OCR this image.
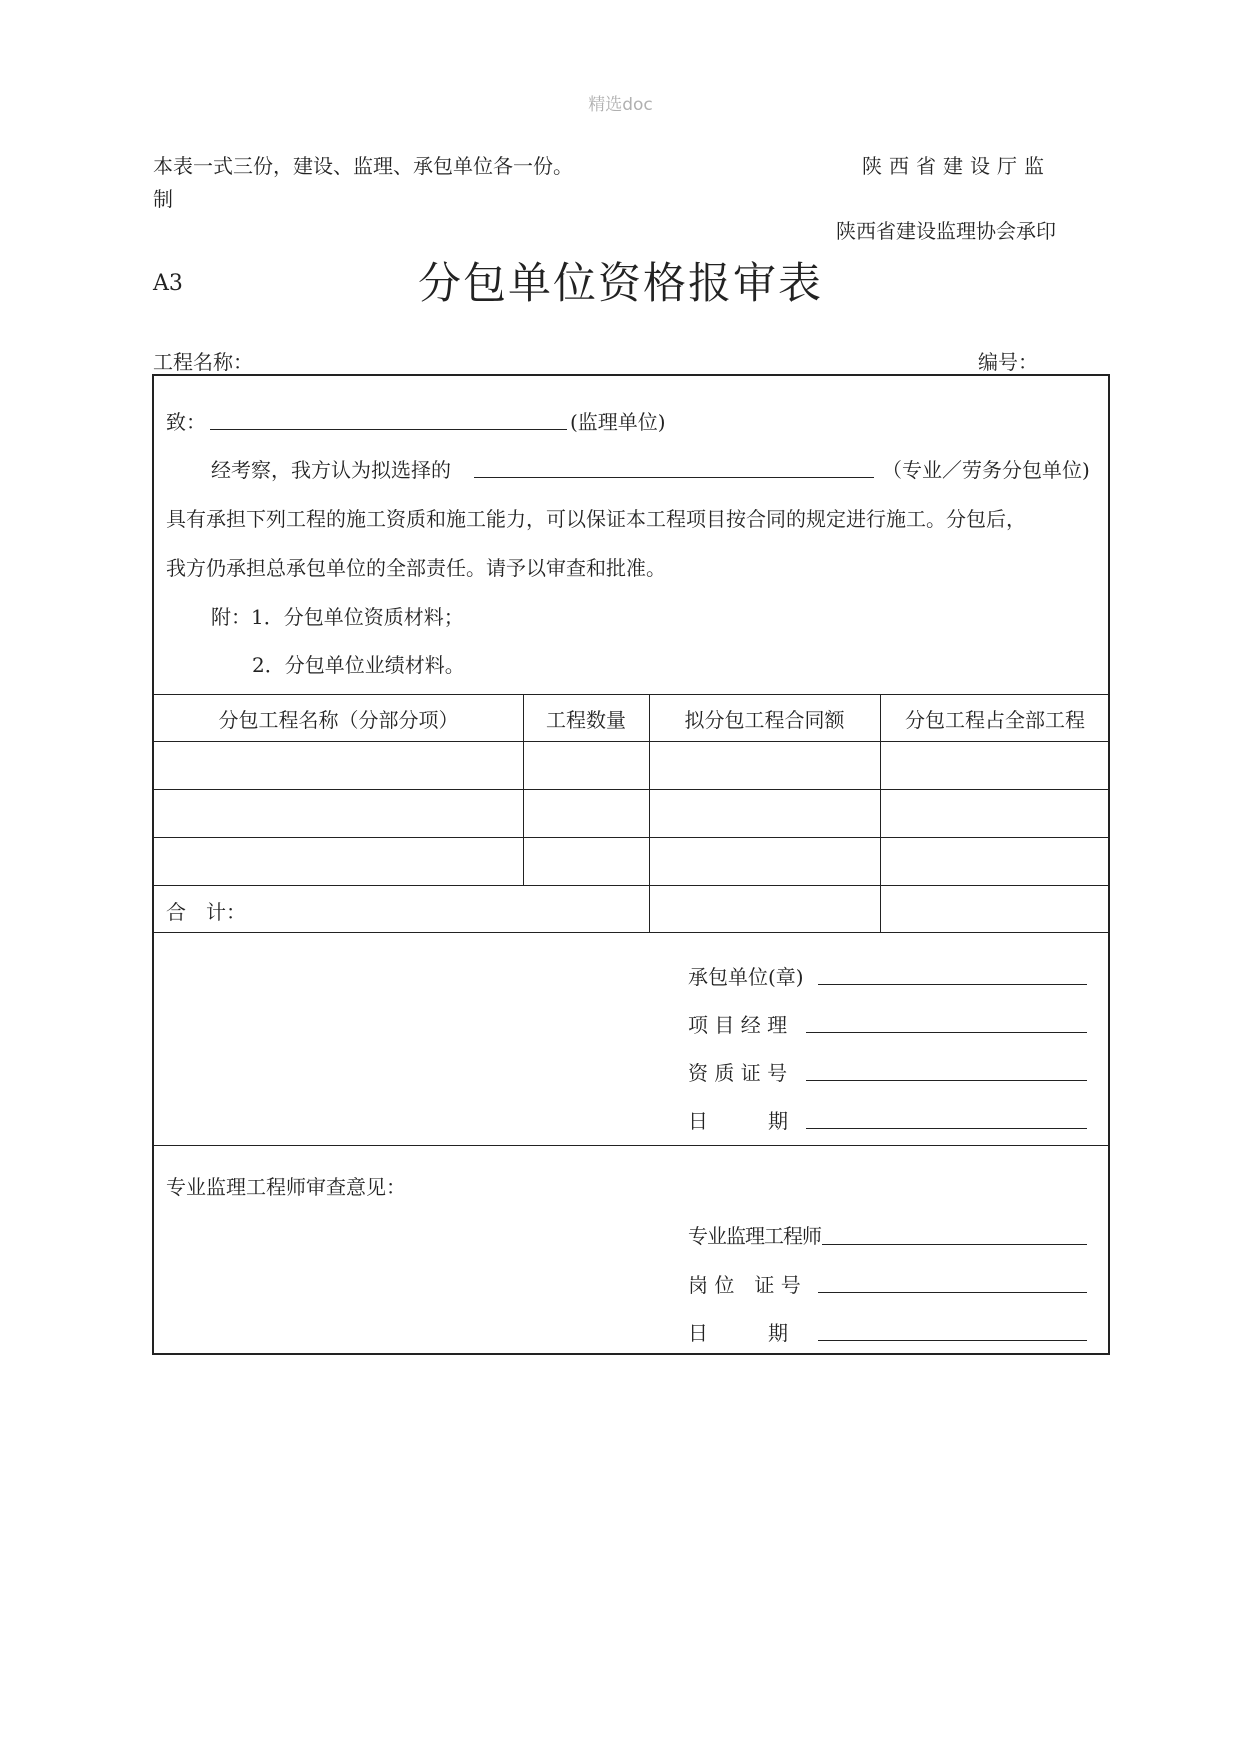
精选doc
本表一式三份，建设、监理、承包单位各一份。	陕西省建设厅监
制
陕西省建设监理协会承印
A3	分包单位资格报审表
工程名称：	编号：
致：	(监理单位)
经考察，我方认为拟选择的	（专业／劳务分包单位)
具有承担下列工程的施工资质和施工能力，可以保证本工程项目按合同的规定进行施工。分包后，
我方仍承担总承包单位的全部责任。请予以审查和批准。
附：1．分包单位资质材料；
2．分包单位业绩材料。
分包工程名称（分部分项）	工程数量	拟分包工程合同额	分包工程占全部工程
合　计：
承包单位(章)
项 目 经 理
资 质 证 号
日　　　期
专业监理工程师审查意见：
专业监理工程师
岗 位　证 号
日　　　期
